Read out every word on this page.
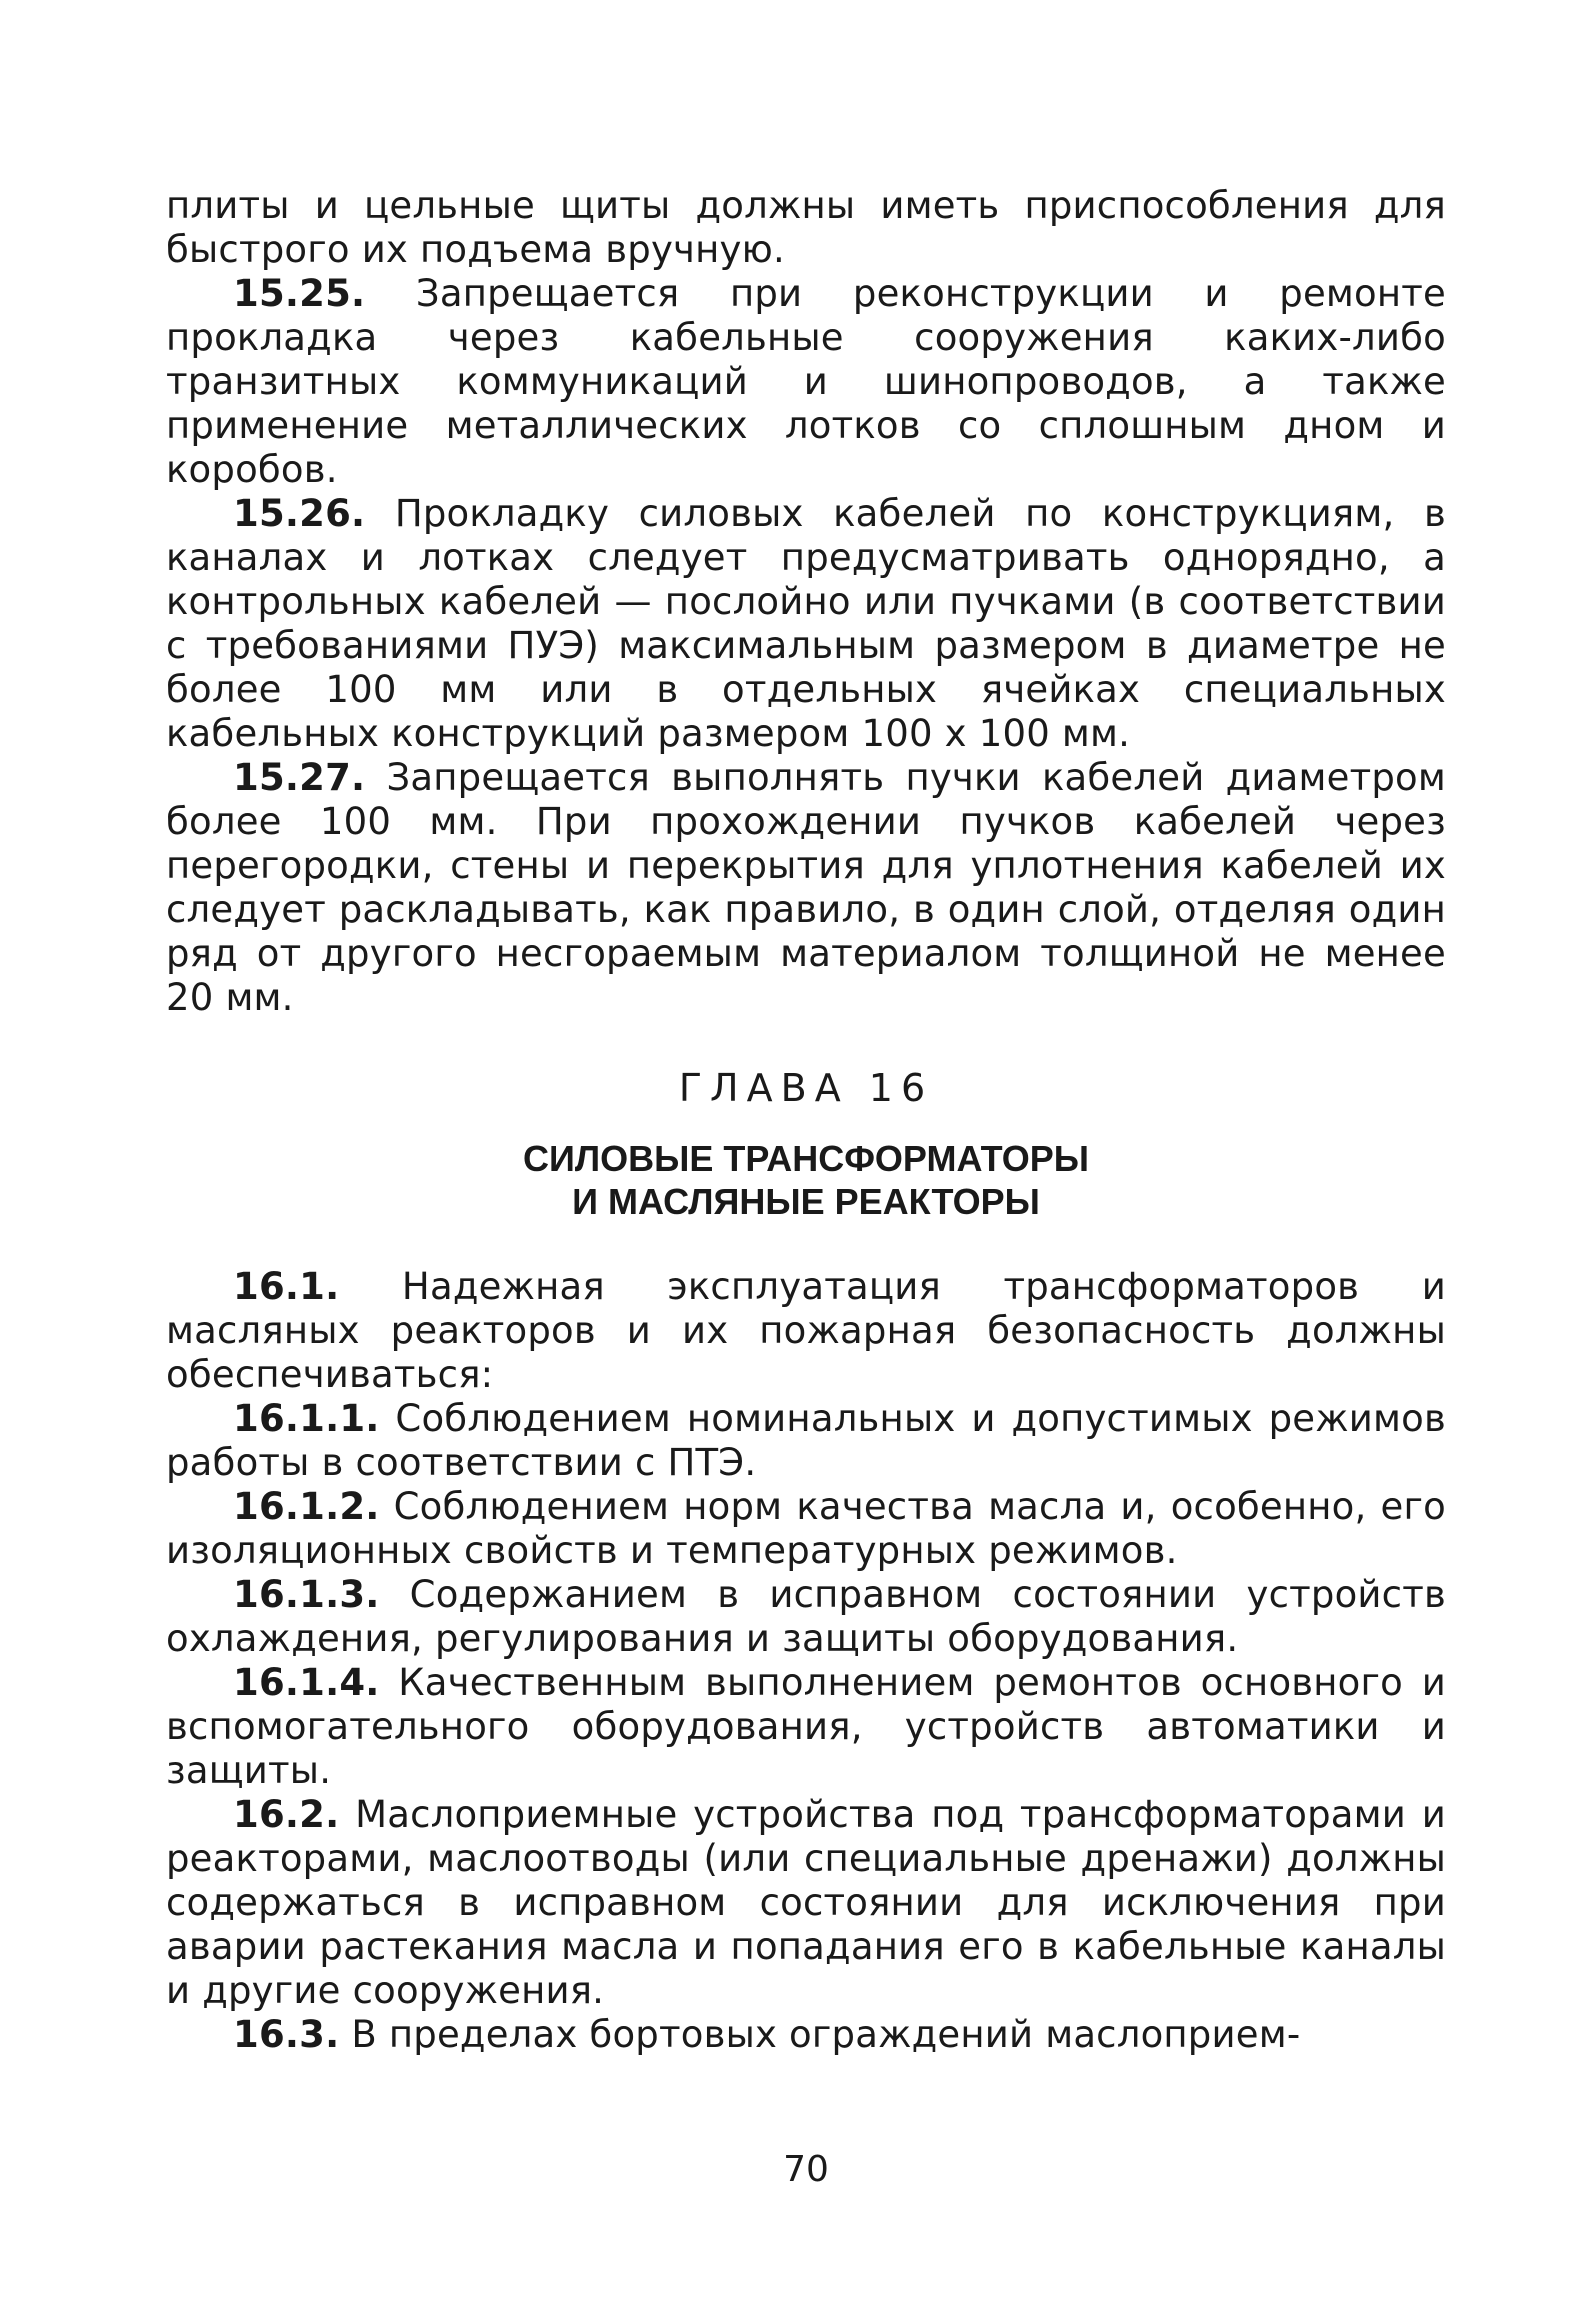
плиты и цельные щиты должны иметь приспособления для быстрого их подъема вручную.

15.25. Запрещается при реконструкции и ремонте прокладка через кабельные сооружения каких-либо транзитных коммуникаций и шинопроводов, а также применение металлических лотков со сплошным дном и коробов.

15.26. Прокладку силовых кабелей по конструкциям, в каналах и лотках следует предусматривать однорядно, а контрольных кабелей — послойно или пучками (в соответствии с требованиями ПУЭ) максимальным размером в диаметре не более 100 мм или в отдельных ячейках специальных кабельных конструкций размером 100 х 100 мм.

15.27. Запрещается выполнять пучки кабелей диаметром более 100 мм. При прохождении пучков кабелей через перегородки, стены и перекрытия для уплотнения кабелей их следует раскладывать, как правило, в один слой, отделяя один ряд от другого несгораемым материалом толщиной не менее 20 мм.

ГЛАВА 16
СИЛОВЫЕ ТРАНСФОРМАТОРЫ
И МАСЛЯНЫЕ РЕАКТОРЫ

16.1. Надежная эксплуатация трансформаторов и масляных реакторов и их пожарная безопасность должны обеспечиваться:

16.1.1. Соблюдением номинальных и допустимых режимов работы в соответствии с ПТЭ.

16.1.2. Соблюдением норм качества масла и, особенно, его изоляционных свойств и температурных режимов.

16.1.3. Содержанием в исправном состоянии устройств охлаждения, регулирования и защиты оборудования.

16.1.4. Качественным выполнением ремонтов основного и вспомогательного оборудования, устройств автоматики и защиты.

16.2. Маслоприемные устройства под трансформаторами и реакторами, маслоотводы (или специальные дренажи) должны содержаться в исправном состоянии для исключения при аварии растекания масла и попадания его в кабельные каналы и другие сооружения.

16.3. В пределах бортовых ограждений маслоприем-

70
